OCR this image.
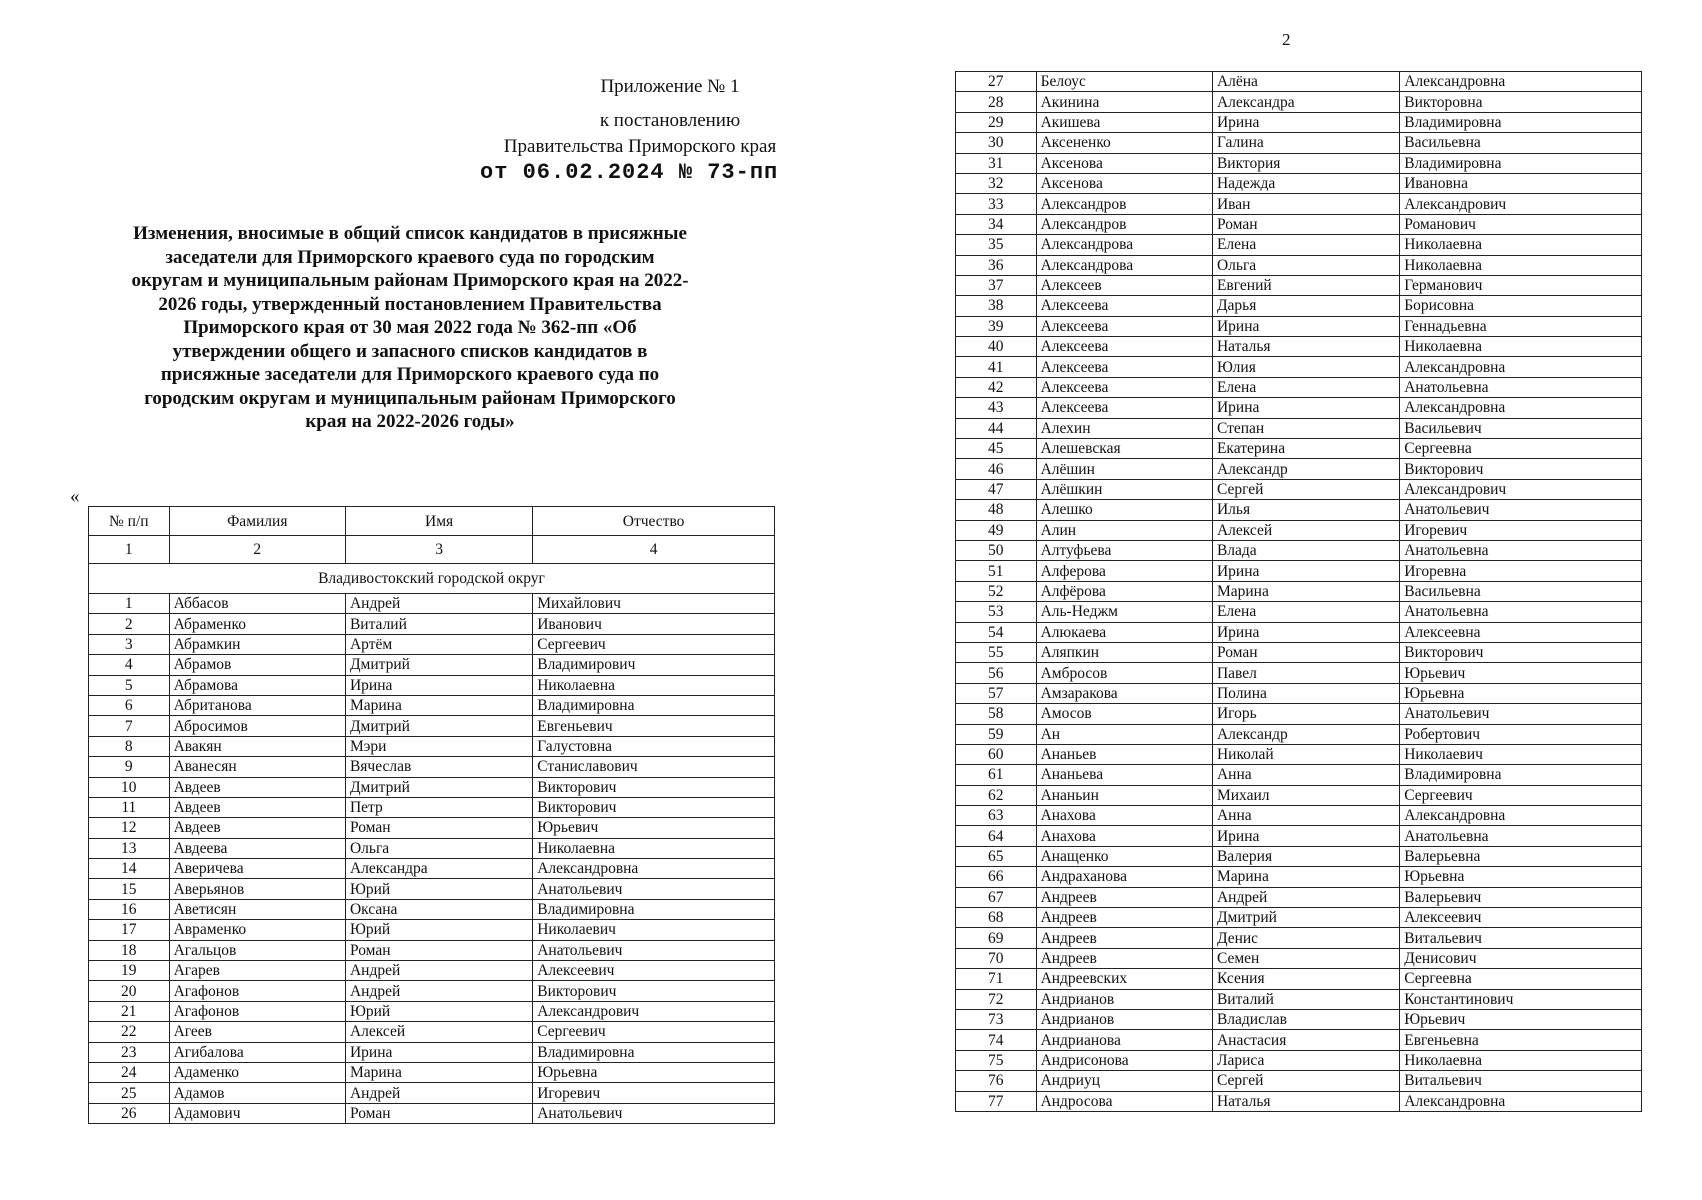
Приложение № 1
к постановлению
Правительства Приморского края
от 06.02.2024 № 73-пп
Изменения, вносимые в общий список кандидатов в присяжные заседатели для Приморского краевого суда по городским округам и муниципальным районам Приморского края на 2022-2026 годы, утвержденный постановлением Правительства Приморского края от 30 мая 2022 года № 362-пп «Об утверждении общего и запасного списков кандидатов в присяжные заседатели для Приморского краевого суда по городским округам и муниципальным районам Приморского края на 2022-2026 годы»
«
№ п/п	Фамилия	Имя	Отчество
1	2	3	4
Владивостокский городской округ			
1	Аббасов	Андрей	Михайлович
2	Абраменко	Виталий	Иванович
3	Абрамкин	Артём	Сергеевич
4	Абрамов	Дмитрий	Владимирович
5	Абрамова	Ирина	Николаевна
6	Абританова	Марина	Владимировна
7	Абросимов	Дмитрий	Евгеньевич
8	Авакян	Мэри	Галустовна
9	Аванесян	Вячеслав	Станиславович
10	Авдеев	Дмитрий	Викторович
11	Авдеев	Петр	Викторович
12	Авдеев	Роман	Юрьевич
13	Авдеева	Ольга	Николаевна
14	Аверичева	Александра	Александровна
15	Аверьянов	Юрий	Анатольевич
16	Аветисян	Оксана	Владимировна
17	Авраменко	Юрий	Николаевич
18	Агальцов	Роман	Анатольевич
19	Агарев	Андрей	Алексеевич
20	Агафонов	Андрей	Викторович
21	Агафонов	Юрий	Александрович
22	Агеев	Алексей	Сергеевич
23	Агибалова	Ирина	Владимировна
24	Адаменко	Марина	Юрьевна
25	Адамов	Андрей	Игоревич
26	Адамович	Роман	Анатольевич
2
27	Белоус	Алёна	Александровна
28	Акинина	Александра	Викторовна
29	Акишева	Ирина	Владимировна
30	Аксененко	Галина	Васильевна
31	Аксенова	Виктория	Владимировна
32	Аксенова	Надежда	Ивановна
33	Александров	Иван	Александрович
34	Александров	Роман	Романович
35	Александрова	Елена	Николаевна
36	Александрова	Ольга	Николаевна
37	Алексеев	Евгений	Германович
38	Алексеева	Дарья	Борисовна
39	Алексеева	Ирина	Геннадьевна
40	Алексеева	Наталья	Николаевна
41	Алексеева	Юлия	Александровна
42	Алексеева	Елена	Анатольевна
43	Алексеева	Ирина	Александровна
44	Алехин	Степан	Васильевич
45	Алешевская	Екатерина	Сергеевна
46	Алёшин	Александр	Викторович
47	Алёшкин	Сергей	Александрович
48	Алешко	Илья	Анатольевич
49	Алин	Алексей	Игоревич
50	Алтуфьева	Влада	Анатольевна
51	Алферова	Ирина	Игоревна
52	Алфёрова	Марина	Васильевна
53	Аль-Неджм	Елена	Анатольевна
54	Алюкаева	Ирина	Алексеевна
55	Аляпкин	Роман	Викторович
56	Амбросов	Павел	Юрьевич
57	Амзаракова	Полина	Юрьевна
58	Амосов	Игорь	Анатольевич
59	Ан	Александр	Робертович
60	Ананьев	Николай	Николаевич
61	Ананьева	Анна	Владимировна
62	Ананьин	Михаил	Сергеевич
63	Анахова	Анна	Александровна
64	Анахова	Ирина	Анатольевна
65	Анащенко	Валерия	Валерьевна
66	Андраханова	Марина	Юрьевна
67	Андреев	Андрей	Валерьевич
68	Андреев	Дмитрий	Алексеевич
69	Андреев	Денис	Витальевич
70	Андреев	Семен	Денисович
71	Андреевских	Ксения	Сергеевна
72	Андрианов	Виталий	Константинович
73	Андрианов	Владислав	Юрьевич
74	Андрианова	Анастасия	Евгеньевна
75	Андрисонова	Лариса	Николаевна
76	Андриуц	Сергей	Витальевич
77	Андросова	Наталья	Александровна
